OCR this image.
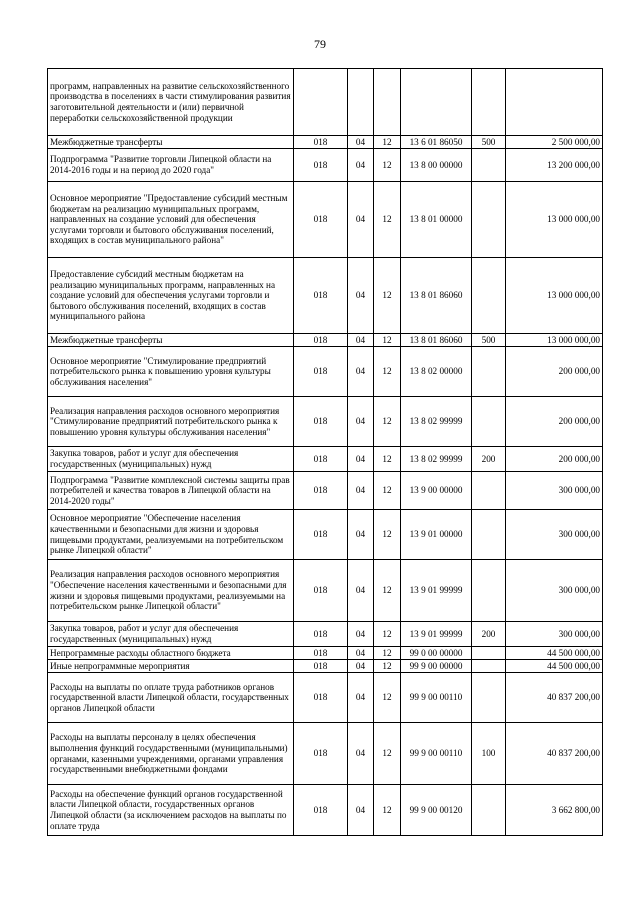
79
программ, направленных на развитие сельскохозяйственного производства в поселениях в части стимулирования развития заготовительной деятельности и (или) первичной переработки сельскохозяйственной продукции						
Межбюджетные трансферты	018	04	12	13 6 01 86050	500	2 500 000,00
Подпрограмма "Развитие торговли Липецкой области на 2014-2016 годы и на период до 2020 года"	018	04	12	13 8 00 00000		13 200 000,00
Основное мероприятие "Предоставление субсидий местным бюджетам на реализацию муниципальных программ, направленных на создание условий для обеспечения услугами торговли и бытового обслуживания поселений, входящих в состав муниципального района"	018	04	12	13 8 01 00000		13 000 000,00
Предоставление субсидий местным бюджетам на реализацию муниципальных программ, направленных на создание условий для обеспечения услугами торговли и бытового обслуживания поселений, входящих в состав муниципального района	018	04	12	13 8 01 86060		13 000 000,00
Межбюджетные трансферты	018	04	12	13 8 01 86060	500	13 000 000,00
Основное мероприятие "Стимулирование предприятий потребительского рынка к повышению уровня культуры обслуживания населения"	018	04	12	13 8 02 00000		200 000,00
Реализация направления расходов основного мероприятия "Стимулирование предприятий потребительского рынка к повышению уровня культуры обслуживания населения"	018	04	12	13 8 02 99999		200 000,00
Закупка товаров, работ и услуг для обеспечения государственных (муниципальных) нужд	018	04	12	13 8 02 99999	200	200 000,00
Подпрограмма "Развитие комплексной системы защиты прав потребителей и качества товаров в Липецкой области на 2014-2020 годы"	018	04	12	13 9 00 00000		300 000,00
Основное мероприятие "Обеспечение населения качественными и безопасными для жизни и здоровья пищевыми продуктами, реализуемыми на потребительском рынке Липецкой области"	018	04	12	13 9 01 00000		300 000,00
Реализация направления расходов основного мероприятия "Обеспечение населения качественными и безопасными для жизни и здоровья пищевыми продуктами, реализуемыми на потребительском рынке Липецкой области"	018	04	12	13 9 01 99999		300 000,00
Закупка товаров, работ и услуг для обеспечения государственных (муниципальных) нужд	018	04	12	13 9 01 99999	200	300 000,00
Непрограммные расходы областного бюджета	018	04	12	99 0 00 00000		44 500 000,00
Иные непрограммные мероприятия	018	04	12	99 9 00 00000		44 500 000,00
Расходы на выплаты по оплате труда работников органов государственной власти Липецкой области, государственных органов Липецкой области	018	04	12	99 9 00 00110		40 837 200,00
Расходы на выплаты персоналу в целях обеспечения выполнения функций государственными (муниципальными) органами, казенными учреждениями, органами управления государственными внебюджетными фондами	018	04	12	99 9 00 00110	100	40 837 200,00
Расходы на обеспечение функций органов государственной власти Липецкой области, государственных органов Липецкой области (за исключением расходов на выплаты по оплате труда	018	04	12	99 9 00 00120		3 662 800,00
